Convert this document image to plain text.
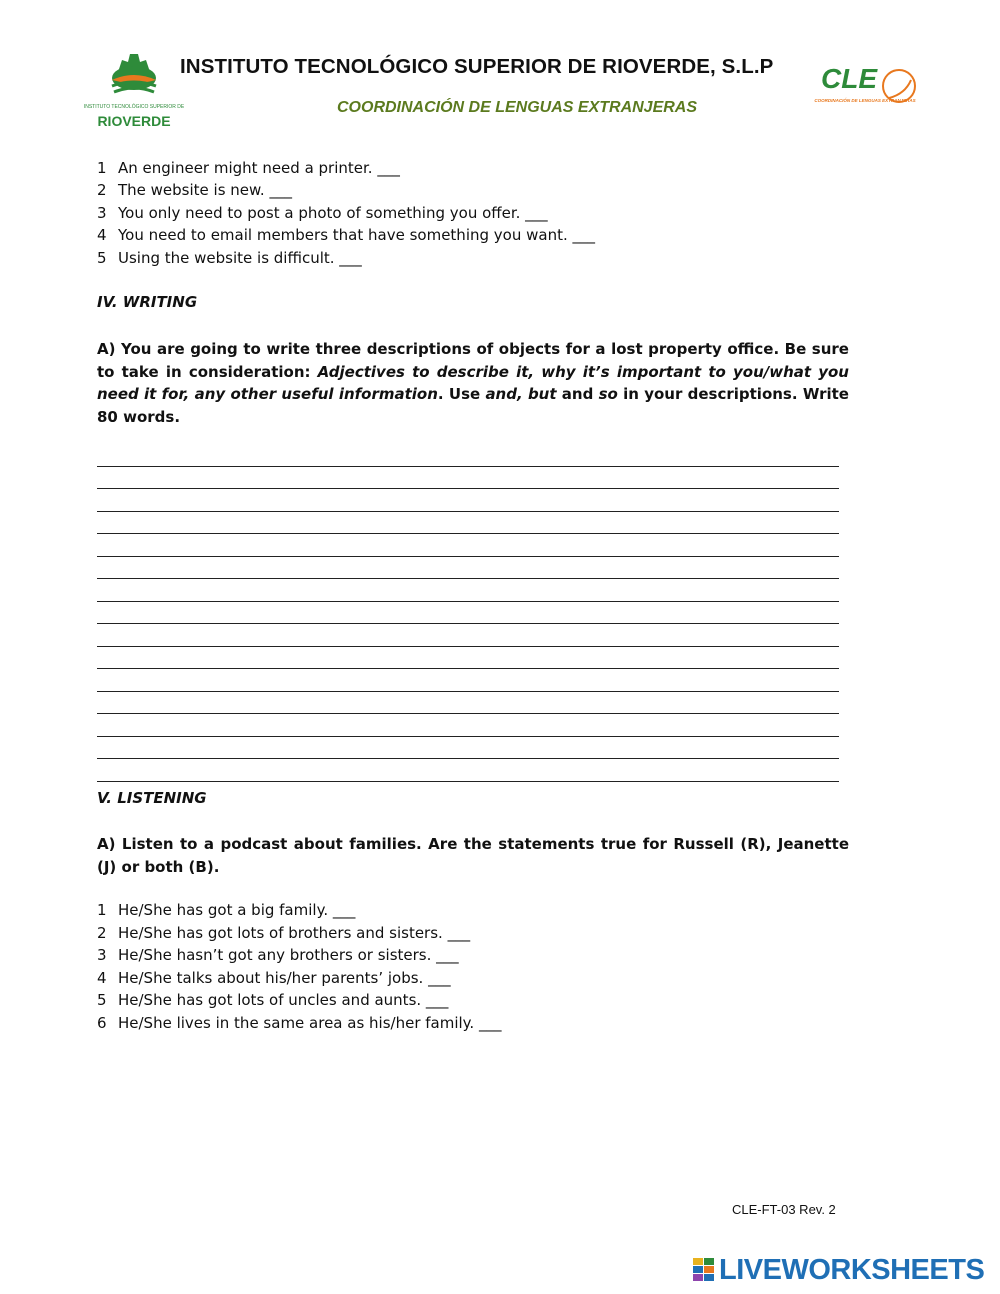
INSTITUTO TECNOLÓGICO SUPERIOR DE
RIOVERDE
INSTITUTO TECNOLÓGICO SUPERIOR DE RIOVERDE, S.L.P
COORDINACIÓN DE LENGUAS EXTRANJERAS
CLE
COORDINACIÓN DE LENGUAS EXTRANJERAS
1 An engineer might need a printer. ___
2 The website is new. ___
3 You only need to post a photo of something you offer. ___
4 You need to email members that have something you want. ___
5 Using the website is difficult. ___
IV. WRITING
A) You are going to write three descriptions of objects for a lost property office. Be sure to take in consideration: Adjectives to describe it, why it’s important to you/what you need it for, any other useful information. Use and, but and so in your descriptions. Write 80 words.
V. LISTENING
A) Listen to a podcast about families. Are the statements true for Russell (R), Jeanette (J) or both (B).
1 He/She has got a big family. ___
2 He/She has got lots of brothers and sisters. ___
3 He/She hasn’t got any brothers or sisters. ___
4 He/She talks about his/her parents’ jobs. ___
5 He/She has got lots of uncles and aunts. ___
6 He/She lives in the same area as his/her family. ___
CLE-FT-03 Rev. 2
LIVEWORKSHEETS
